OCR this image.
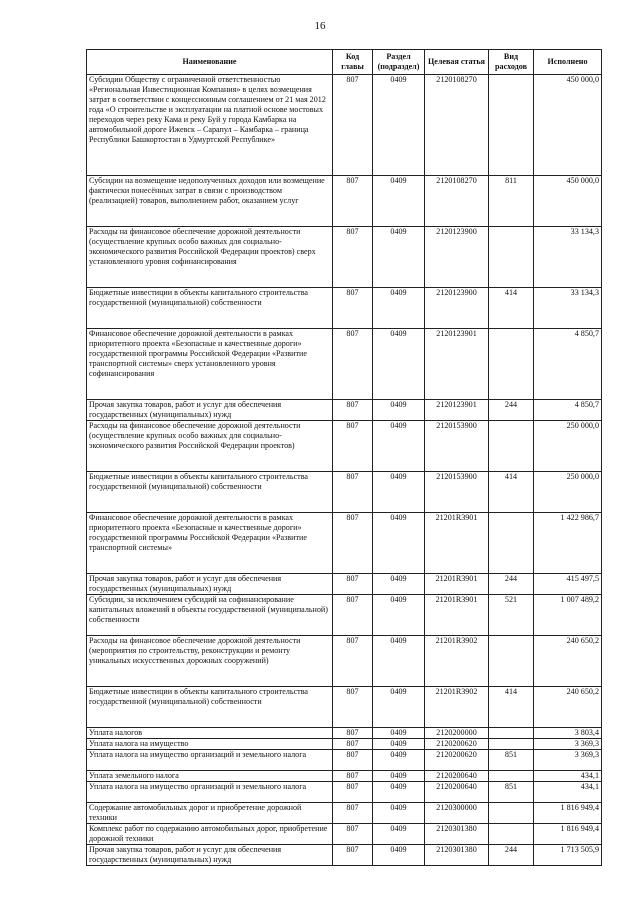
16
Наименование	Код главы	Раздел (подраздел)	Целевая статья	Вид расходов	Исполнено
Субсидии Обществу с ограниченной ответственностью «Региональная Инвестиционная Компания» в целях возмещения затрат в соответствии с концессионным соглашением от 21 мая 2012 года «О строительстве и эксплуатации на платной основе мостовых переходов через реку Кама и реку Буй у города Камбарка на автомобильной дороге Ижевск – Сарапул – Камбарка – граница Республики Башкортостан в Удмуртской Республике»	807	0409	2120108270		450 000,0
Субсидии на возмещение недополученных доходов или возмещение фактически понесённых затрат в связи с производством (реализацией) товаров, выполнением работ, оказанием услуг	807	0409	2120108270	811	450 000,0
Расходы на финансовое обеспечение дорожной деятельности (осуществление крупных особо важных для социально-экономического развития Российской Федерации проектов) сверх установленного уровня софинансирования	807	0409	2120123900		33 134,3
Бюджетные инвестиции в объекты капитального строительства государственной (муниципальной) собственности	807	0409	2120123900	414	33 134,3
Финансовое обеспечение дорожной деятельности в рамках приоритетного проекта «Безопасные и качественные дороги» государственной программы Российской Федерации «Развитие транспортной системы» сверх установленного уровня софинансирования	807	0409	2120123901		4 850,7
Прочая закупка товаров, работ и услуг для обеспечения государственных (муниципальных) нужд	807	0409	2120123901	244	4 850,7
Расходы на финансовое обеспечение дорожной деятельности (осуществление крупных особо важных для социально-экономического развития Российской Федерации проектов)	807	0409	2120153900		250 000,0
Бюджетные инвестиции в объекты капитального строительства государственной (муниципальной) собственности	807	0409	2120153900	414	250 000,0
Финансовое обеспечение дорожной деятельности в рамках приоритетного проекта «Безопасные и качественные дороги» государственной программы Российской Федерации «Развитие транспортной системы»	807	0409	21201R3901		1 422 986,7
Прочая закупка товаров, работ и услуг для обеспечения государственных (муниципальных) нужд	807	0409	21201R3901	244	415 497,5
Субсидии, за исключением субсидий на софинансирование капитальных вложений в объекты государственной (муниципальной) собственности	807	0409	21201R3901	521	1 007 489,2
Расходы на финансовое обеспечение дорожной деятельности (мероприятия по строительству, реконструкции и ремонту уникальных искусственных дорожных сооружений)	807	0409	21201R3902		240 650,2
Бюджетные инвестиции в объекты капитального строительства государственной (муниципальной) собственности	807	0409	21201R3902	414	240 650,2
Уплата налогов	807	0409	2120200000		3 803,4
Уплата налога на имущество	807	0409	2120200620		3 369,3
Уплата налога на имущество организаций и земельного налога	807	0409	2120200620	851	3 369,3
Уплата земельного налога	807	0409	2120200640		434,1
Уплата налога на имущество организаций и земельного налога	807	0409	2120200640	851	434,1
Содержание автомобильных дорог и приобретение дорожной техники	807	0409	2120300000		1 816 949,4
Комплекс работ по содержанию автомобильных дорог, приобретение дорожной техники	807	0409	2120301380		1 816 949,4
Прочая закупка товаров, работ и услуг для обеспечения государственных (муниципальных) нужд	807	0409	2120301380	244	1 713 505,9
